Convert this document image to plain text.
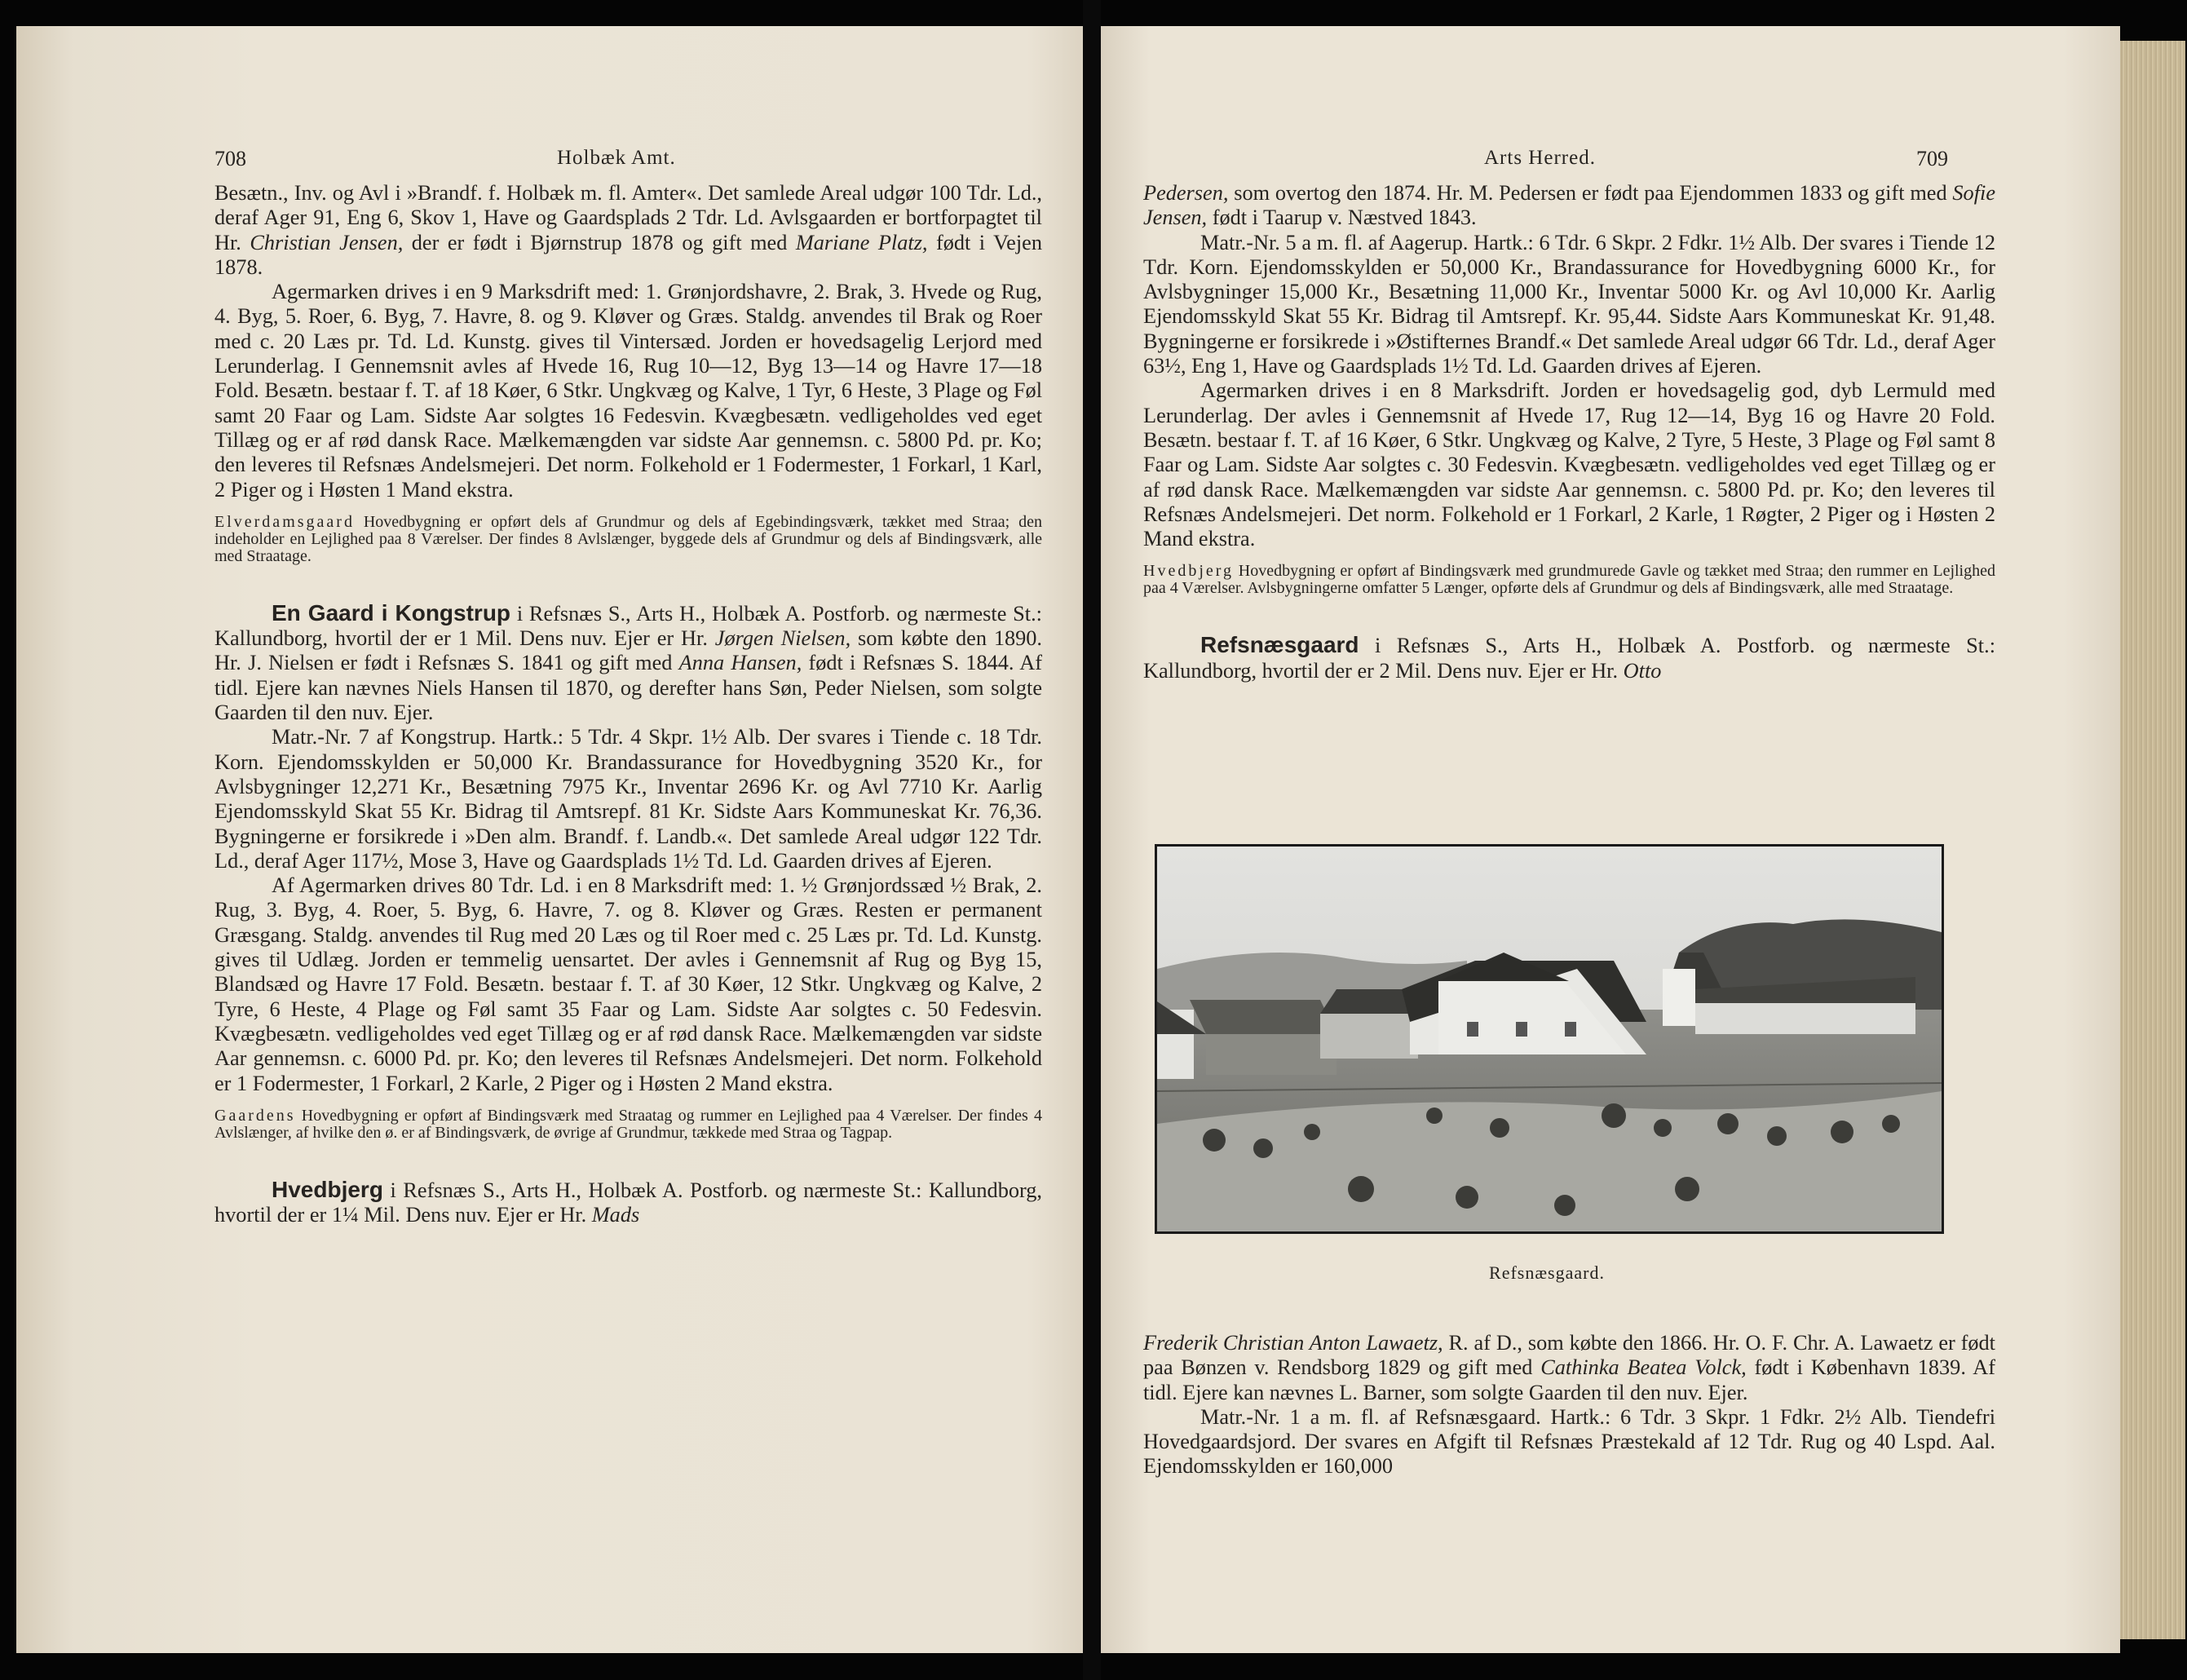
708	Holbæk Amt.

Besætn., Inv. og Avl i »Brandf. f. Holbæk m. fl. Amter«. Det samlede Areal udgør 100 Tdr. Ld., deraf Ager 91, Eng 6, Skov 1, Have og Gaardsplads 2 Tdr. Ld. Avlsgaarden er bortforpagtet til Hr. Christian Jensen, der er født i Bjørnstrup 1878 og gift med Mariane Platz, født i Vejen 1878.

Agermarken drives i en 9 Marksdrift med: 1. Grønjordshavre, 2. Brak, 3. Hvede og Rug, 4. Byg, 5. Roer, 6. Byg, 7. Havre, 8. og 9. Kløver og Græs. Staldg. anvendes til Brak og Roer med c. 20 Læs pr. Td. Ld. Kunstg. gives til Vintersæd. Jorden er hovedsagelig Lerjord med Lerunderlag. I Gennemsnit avles af Hvede 16, Rug 10—12, Byg 13—14 og Havre 17—18 Fold. Besætn. bestaar f. T. af 18 Køer, 6 Stkr. Ungkvæg og Kalve, 1 Tyr, 6 Heste, 3 Plage og Føl samt 20 Faar og Lam. Sidste Aar solgtes 16 Fedesvin. Kvægbesætn. vedligeholdes ved eget Tillæg og er af rød dansk Race. Mælkemængden var sidste Aar gennemsn. c. 5800 Pd. pr. Ko; den leveres til Refsnæs Andelsmejeri. Det norm. Folkehold er 1 Fodermester, 1 Forkarl, 1 Karl, 2 Piger og i Høsten 1 Mand ekstra.

Elverdamsgaard Hovedbygning er opført dels af Grundmur og dels af Egebindingsværk, tækket med Straa; den indeholder en Lejlighed paa 8 Værelser. Der findes 8 Avlslænger, byggede dels af Grundmur og dels af Bindingsværk, alle med Straatage.

En Gaard i Kongstrup i Refsnæs S., Arts H., Holbæk A. Postforb. og nærmeste St.: Kallundborg, hvortil der er 1 Mil. Dens nuv. Ejer er Hr. Jørgen Nielsen, som købte den 1890. Hr. J. Nielsen er født i Refsnæs S. 1841 og gift med Anna Hansen, født i Refsnæs S. 1844. Af tidl. Ejere kan nævnes Niels Hansen til 1870, og derefter hans Søn, Peder Nielsen, som solgte Gaarden til den nuv. Ejer.

Matr.-Nr. 7 af Kongstrup. Hartk.: 5 Tdr. 4 Skpr. 1½ Alb. Der svares i Tiende c. 18 Tdr. Korn. Ejendomsskylden er 50,000 Kr. Brandassurance for Hovedbygning 3520 Kr., for Avlsbygninger 12,271 Kr., Besætning 7975 Kr., Inventar 2696 Kr. og Avl 7710 Kr. Aarlig Ejendomsskyld Skat 55 Kr. Bidrag til Amtsrepf. 81 Kr. Sidste Aars Kommuneskat Kr. 76,36. Bygningerne er forsikrede i »Den alm. Brandf. f. Landb.«. Det samlede Areal udgør 122 Tdr. Ld., deraf Ager 117½, Mose 3, Have og Gaardsplads 1½ Td. Ld. Gaarden drives af Ejeren.

Af Agermarken drives 80 Tdr. Ld. i en 8 Marksdrift med: 1. ½ Grønjordssæd ½ Brak, 2. Rug, 3. Byg, 4. Roer, 5. Byg, 6. Havre, 7. og 8. Kløver og Græs. Resten er permanent Græsgang. Staldg. anvendes til Rug med 20 Læs og til Roer med c. 25 Læs pr. Td. Ld. Kunstg. gives til Udlæg. Jorden er temmelig uensartet. Der avles i Gennemsnit af Rug og Byg 15, Blandsæd og Havre 17 Fold. Besætn. bestaar f. T. af 30 Køer, 12 Stkr. Ungkvæg og Kalve, 2 Tyre, 6 Heste, 4 Plage og Føl samt 35 Faar og Lam. Sidste Aar solgtes c. 50 Fedesvin. Kvægbesætn. vedligeholdes ved eget Tillæg og er af rød dansk Race. Mælkemængden var sidste Aar gennemsn. c. 6000 Pd. pr. Ko; den leveres til Refsnæs Andelsmejeri. Det norm. Folkehold er 1 Fodermester, 1 Forkarl, 2 Karle, 2 Piger og i Høsten 2 Mand ekstra.

Gaardens Hovedbygning er opført af Bindingsværk med Straatag og rummer en Lejlighed paa 4 Værelser. Der findes 4 Avlslænger, af hvilke den ø. er af Bindingsværk, de øvrige af Grundmur, tækkede med Straa og Tagpap.

Hvedbjerg i Refsnæs S., Arts H., Holbæk A. Postforb. og nærmeste St.: Kallundborg, hvortil der er 1¼ Mil. Dens nuv. Ejer er Hr. Mads

Arts Herred.	709

Pedersen, som overtog den 1874. Hr. M. Pedersen er født paa Ejendommen 1833 og gift med Sofie Jensen, født i Taarup v. Næstved 1843.

Matr.-Nr. 5 a m. fl. af Aagerup. Hartk.: 6 Tdr. 6 Skpr. 2 Fdkr. 1½ Alb. Der svares i Tiende 12 Tdr. Korn. Ejendomsskylden er 50,000 Kr., Brandassurance for Hovedbygning 6000 Kr., for Avlsbygninger 15,000 Kr., Besætning 11,000 Kr., Inventar 5000 Kr. og Avl 10,000 Kr. Aarlig Ejendomsskyld Skat 55 Kr. Bidrag til Amtsrepf. Kr. 95,44. Sidste Aars Kommuneskat Kr. 91,48. Bygningerne er forsikrede i »Østifternes Brandf.« Det samlede Areal udgør 66 Tdr. Ld., deraf Ager 63½, Eng 1, Have og Gaardsplads 1½ Td. Ld. Gaarden drives af Ejeren.

Agermarken drives i en 8 Marksdrift. Jorden er hovedsagelig god, dyb Lermuld med Lerunderlag. Der avles i Gennemsnit af Hvede 17, Rug 12—14, Byg 16 og Havre 20 Fold. Besætn. bestaar f. T. af 16 Køer, 6 Stkr. Ungkvæg og Kalve, 2 Tyre, 5 Heste, 3 Plage og Føl samt 8 Faar og Lam. Sidste Aar solgtes c. 30 Fedesvin. Kvægbesætn. vedligeholdes ved eget Tillæg og er af rød dansk Race. Mælkemængden var sidste Aar gennemsn. c. 5800 Pd. pr. Ko; den leveres til Refsnæs Andelsmejeri. Det norm. Folkehold er 1 Forkarl, 2 Karle, 1 Røgter, 2 Piger og i Høsten 2 Mand ekstra.

Hvedbjerg Hovedbygning er opført af Bindingsværk med grundmurede Gavle og tækket med Straa; den rummer en Lejlighed paa 4 Værelser. Avlsbygningerne omfatter 5 Længer, opførte dels af Grundmur og dels af Bindingsværk, alle med Straatage.

Refsnæsgaard i Refsnæs S., Arts H., Holbæk A. Postforb. og nærmeste St.: Kallundborg, hvortil der er 2 Mil. Dens nuv. Ejer er Hr. Otto

Frederik Christian Anton Lawaetz, R. af D., som købte den 1866. Hr. O. F. Chr. A. Lawaetz er født paa Bønzen v. Rendsborg 1829 og gift med Cathinka Beatea Volck, født i København 1839. Af tidl. Ejere kan nævnes L. Barner, som solgte Gaarden til den nuv. Ejer.

Matr.-Nr. 1 a m. fl. af Refsnæsgaard. Hartk.: 6 Tdr. 3 Skpr. 1 Fdkr. 2½ Alb. Tiendefri Hovedgaardsjord. Der svares en Afgift til Refsnæs Præstekald af 12 Tdr. Rug og 40 Lspd. Aal. Ejendomsskylden er 160,000

Refsnæsgaard.
